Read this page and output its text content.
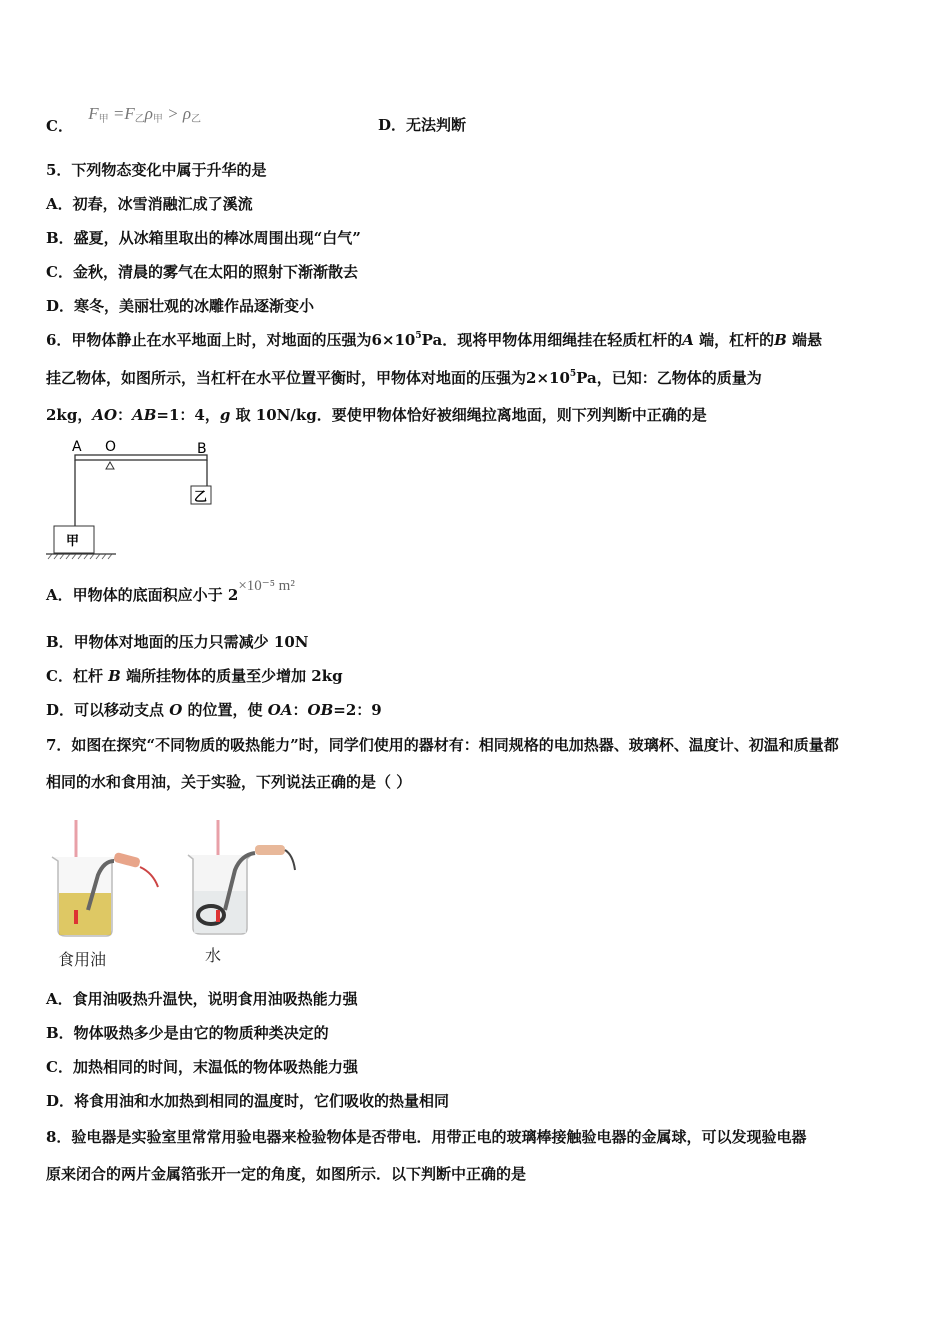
C． $F_甲 =F_乙\rho_甲 > \rho_乙$	D．无法判断
5．下列物态变化中属于升华的是
A．初春，冰雪消融汇成了溪流
B．盛夏，从冰箱里取出的棒冰周围出现“白气”
C．金秋，清晨的雾气在太阳的照射下渐渐散去
D．寒冬，美丽壮观的冰雕作品逐渐变小
6．甲物体静止在水平地面上时，对地面的压强为$6\times 10^5Pa$．现将甲物体用细绳挂在轻质杠杆的A 端，杠杆的B 端悬
挂乙物体，如图所示，当杠杆在水平位置平衡时，甲物体对地面的压强为$2\times 10^5Pa$，已知：乙物体的质量为
2kg，AO：AB=1：4，g 取 10N/kg．要使甲物体恰好被细绳拉离地面，则下列判断中正确的是
A．甲物体的底面积应小于 2×10⁻⁵ m²
B．甲物体对地面的压力只需减少 10N
C．杠杆 B 端所挂物体的质量至少增加 2kg
D．可以移动支点 O 的位置，使 OA：OB=2：9
7．如图在探究“不同物质的吸热能力”时，同学们使用的器材有：相同规格的电加热器、玻璃杯、温度计、初温和质量都
相同的水和食用油，关于实验，下列说法正确的是（ ）
A．食用油吸热升温快，说明食用油吸热能力强
B．物体吸热多少是由它的物质种类决定的
C．加热相同的时间，末温低的物体吸热能力强
D．将食用油和水加热到相同的温度时，它们吸收的热量相同
8．验电器是实验室里常常用验电器来检验物体是否带电．用带正电的玻璃棒接触验电器的金属球，可以发现验电器
原来闭合的两片金属箔张开一定的角度，如图所示．以下判断中正确的是
A O	B
乙
甲
食用油	水
